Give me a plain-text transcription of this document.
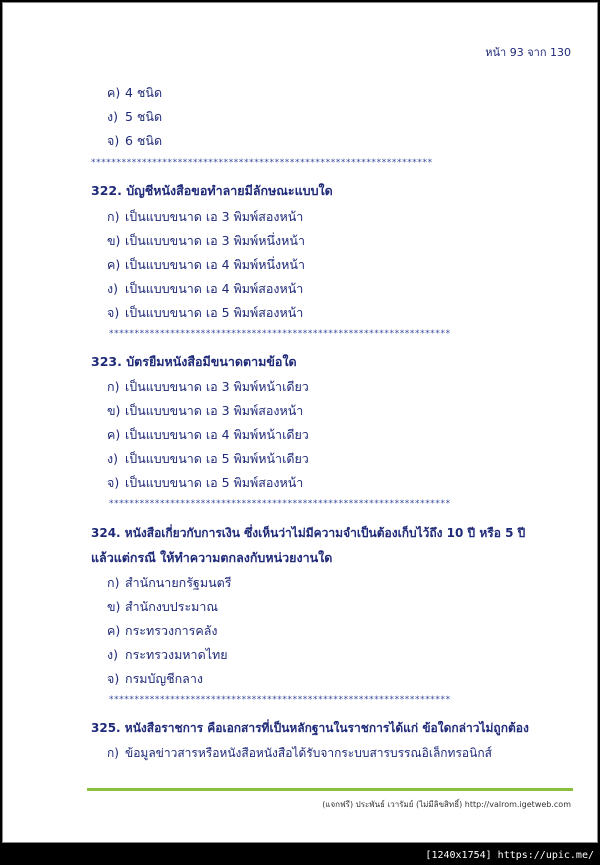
หน้า 93 จาก 130
ค) 4 ชนิด
ง) 5 ชนิด
จ) 6 ชนิด
*******************************************************************
322. บัญชีหนังสือขอทำลายมีลักษณะแบบใด
ก) เป็นแบบขนาด เอ 3 พิมพ์สองหน้า
ข) เป็นแบบขนาด เอ 3 พิมพ์หนึ่งหน้า
ค) เป็นแบบขนาด เอ 4 พิมพ์หนึ่งหน้า
ง) เป็นแบบขนาด เอ 4 พิมพ์สองหน้า
จ) เป็นแบบขนาด เอ 5 พิมพ์สองหน้า
*******************************************************************
323. บัตรยืมหนังสือมีขนาดตามข้อใด
ก) เป็นแบบขนาด เอ 3 พิมพ์หน้าเดียว
ข) เป็นแบบขนาด เอ 3 พิมพ์สองหน้า
ค) เป็นแบบขนาด เอ 4 พิมพ์หน้าเดียว
ง) เป็นแบบขนาด เอ 5 พิมพ์หน้าเดียว
จ) เป็นแบบขนาด เอ 5 พิมพ์สองหน้า
*******************************************************************
324. หนังสือเกี่ยวกับการเงิน ซึ่งเห็นว่าไม่มีความจำเป็นต้องเก็บไว้ถึง 10 ปี หรือ 5 ปี
แล้วแต่กรณี ให้ทำความตกลงกับหน่วยงานใด
ก) สำนักนายกรัฐมนตรี
ข) สำนักงบประมาณ
ค) กระทรวงการคลัง
ง) กระทรวงมหาดไทย
จ) กรมบัญชีกลาง
*******************************************************************
325. หนังสือราชการ คือเอกสารที่เป็นหลักฐานในราชการได้แก่ ข้อใดกล่าวไม่ถูกต้อง
ก) ข้อมูลข่าวสารหรือหนังสือหนังสือได้รับจากระบบสารบรรณอิเล็กทรอนิกส์
(แจกฟรี) ประพันธ์ เวารัมย์ (ไม่มีลิขสิทธิ์) http://valrom.igetweb.com
[1240x1754] https://upic.me/
